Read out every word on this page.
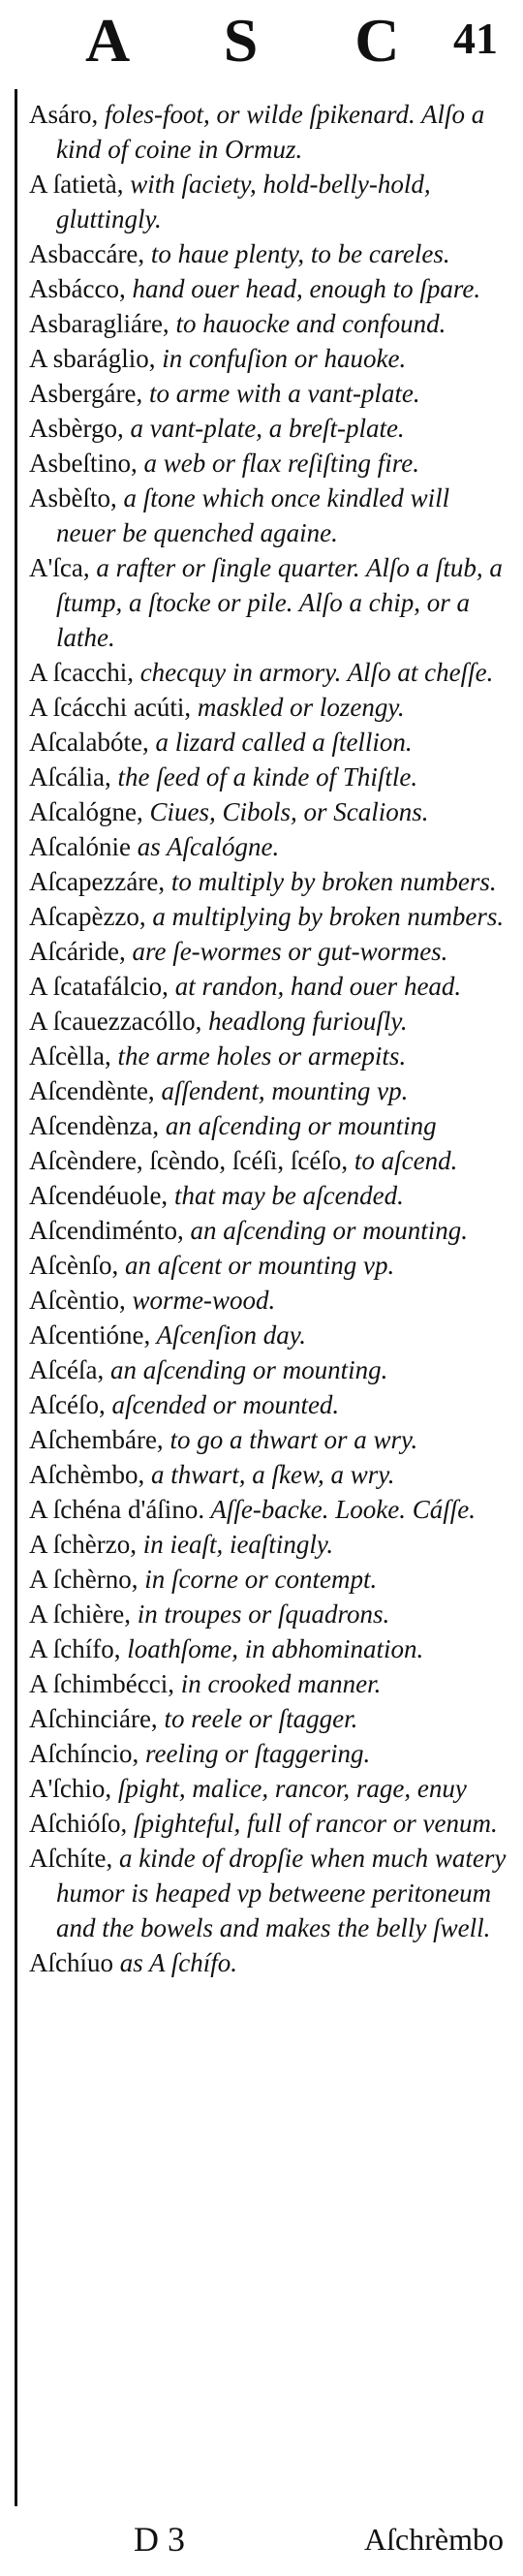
A S C 41

Asáro, foles-foot, or wilde ſpikenard. Alſo a kind of coine in Ormuz.

A ſatietà, with ſaciety, hold-belly-hold, gluttingly.

Asbaccáre, to haue plenty, to be careles.

Asbácco, hand ouer head, enough to ſpare.

Asbaragliáre, to hauocke and confound.

A sbaráglio, in confuſion or hauoke.

Asbergáre, to arme with a vant-plate.

Asbèrgo, a vant-plate, a breſt-plate.

Asbeſtino, a web or flax reſiſting fire.

Asbèſto, a ſtone which once kindled will neuer be quenched againe.

A'ſca, a rafter or ſingle quarter. Alſo a ſtub, a ſtump, a ſtocke or pile. Alſo a chip, or a lathe.

A ſcacchi, checquy in armory. Alſo at cheſſe.

A ſcácchi acúti, maskled or lozengy.

Aſcalabóte, a lizard called a ſtellion.

Aſcália, the ſeed of a kinde of Thiſtle.

Aſcalógne, Ciues, Cibols, or Scalions.

Aſcalónie as Aſcalógne.

Aſcapezzáre, to multiply by broken numbers.

Aſcapèzzo, a multiplying by broken numbers.

Aſcáride, are ſe-wormes or gut-wormes.

A ſcatafálcio, at randon, hand ouer head.

A ſcauezzacóllo, headlong furiouſly.

Aſcèlla, the arme holes or armepits.

Aſcendènte, aſſendent, mounting vp.

Aſcendènza, an aſcending or mounting

Aſcèndere, ſcèndo, ſcéſi, ſcéſo, to aſcend.

Aſcendéuole, that may be aſcended.

Aſcendiménto, an aſcending or mounting.

Aſcènſo, an aſcent or mounting vp.

Aſcèntio, worme-wood.

Aſcentióne, Aſcenſion day.

Aſcéſa, an aſcending or mounting.

Aſcéſo, aſcended or mounted.

Aſchembáre, to go a thwart or a wry.

Aſchèmbo, a thwart, a ſkew, a wry.

A ſchéna d'áſino. Aſſe-backe. Looke. Cáſſe.

A ſchèrzo, in ieaſt, ieaſtingly.

A ſchèrno, in ſcorne or contempt.

A ſchière, in troupes or ſquadrons.

A ſchífo, loathſome, in abhomination.

A ſchimbécci, in crooked manner.

Aſchinciáre, to reele or ſtagger.

Aſchíncio, reeling or ſtaggering.

A'ſchio, ſpight, malice, rancor, rage, enuy

Aſchióſo, ſpighteful, full of rancor or venum.

Aſchíte, a kinde of dropſie when much watery humor is heaped vp betweene peritoneum and the bowels and makes the belly ſwell.

Aſchíuo as A ſchífo.

D 3	Aſchrèmbo
